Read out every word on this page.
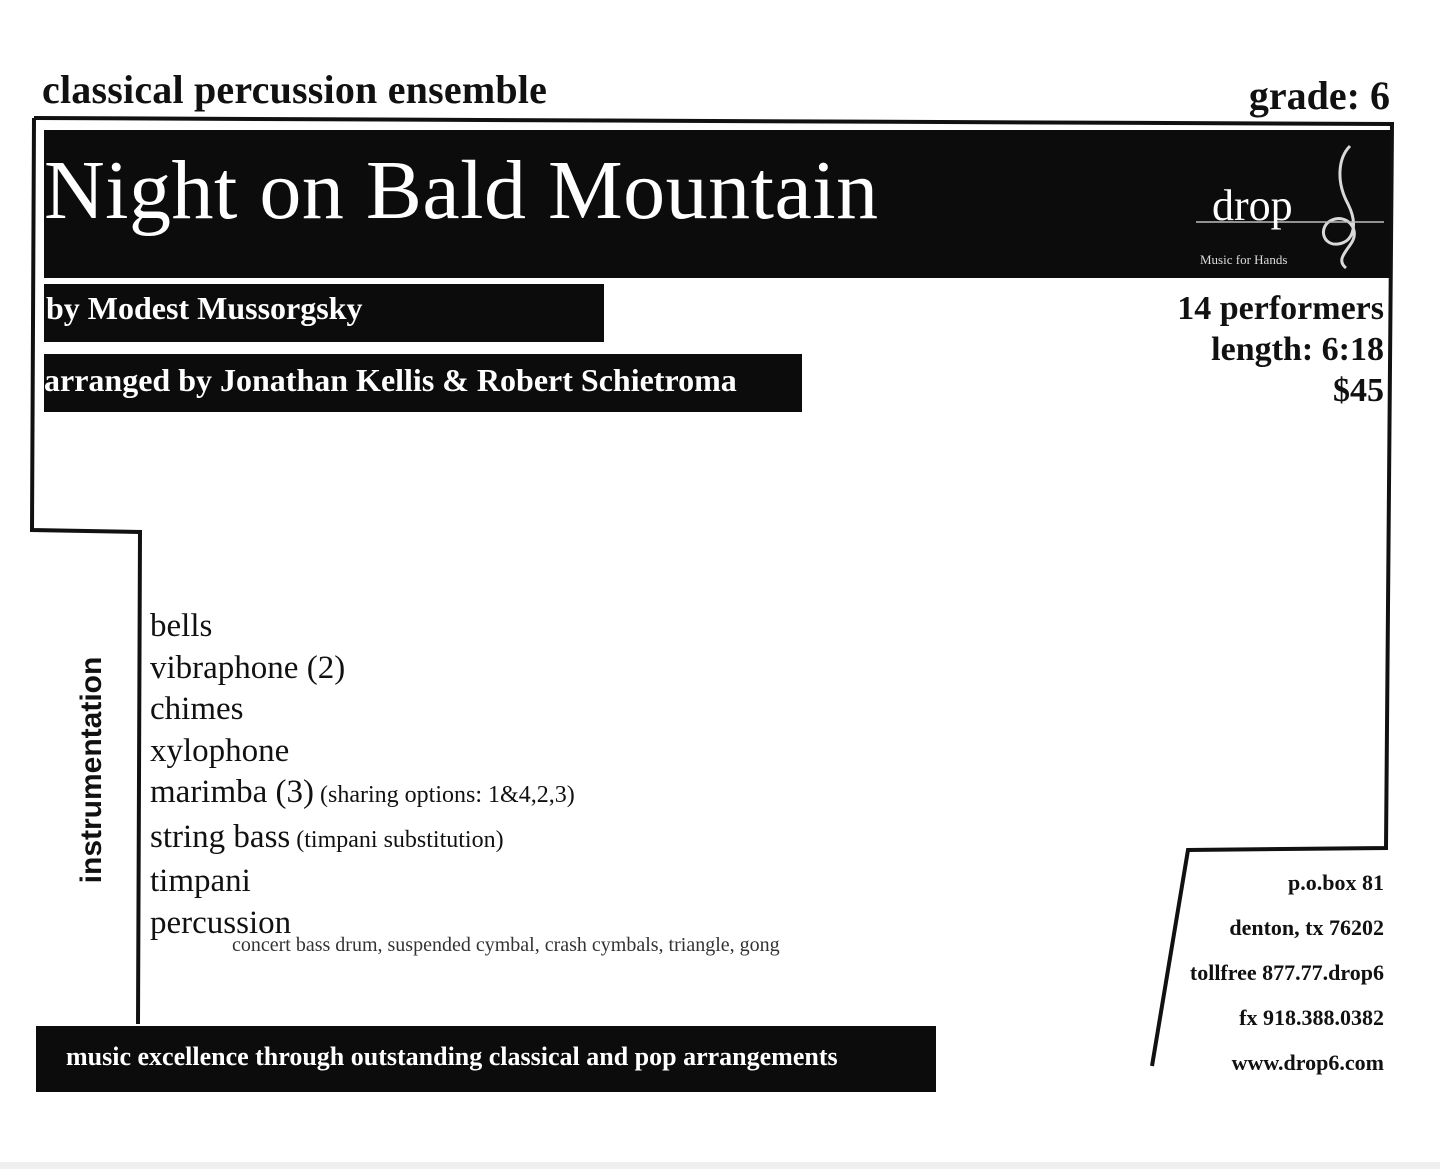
classical percussion ensemble	grade: 6
Night on Bald Mountain	drop
Music for Hands
by Modest Mussorgsky
arranged by Jonathan Kellis & Robert Schietroma
14 performers
length: 6:18
$45
instrumentation
bells
vibraphone (2)
chimes
xylophone
marimba (3) (sharing options: 1&4,2,3)
string bass (timpani substitution)
timpani
percussion
concert bass drum, suspended cymbal, crash cymbals, triangle, gong
p.o.box 81
denton, tx 76202
tollfree 877.77.drop6
fx 918.388.0382
www.drop6.com
music excellence through outstanding classical and pop arrangements
